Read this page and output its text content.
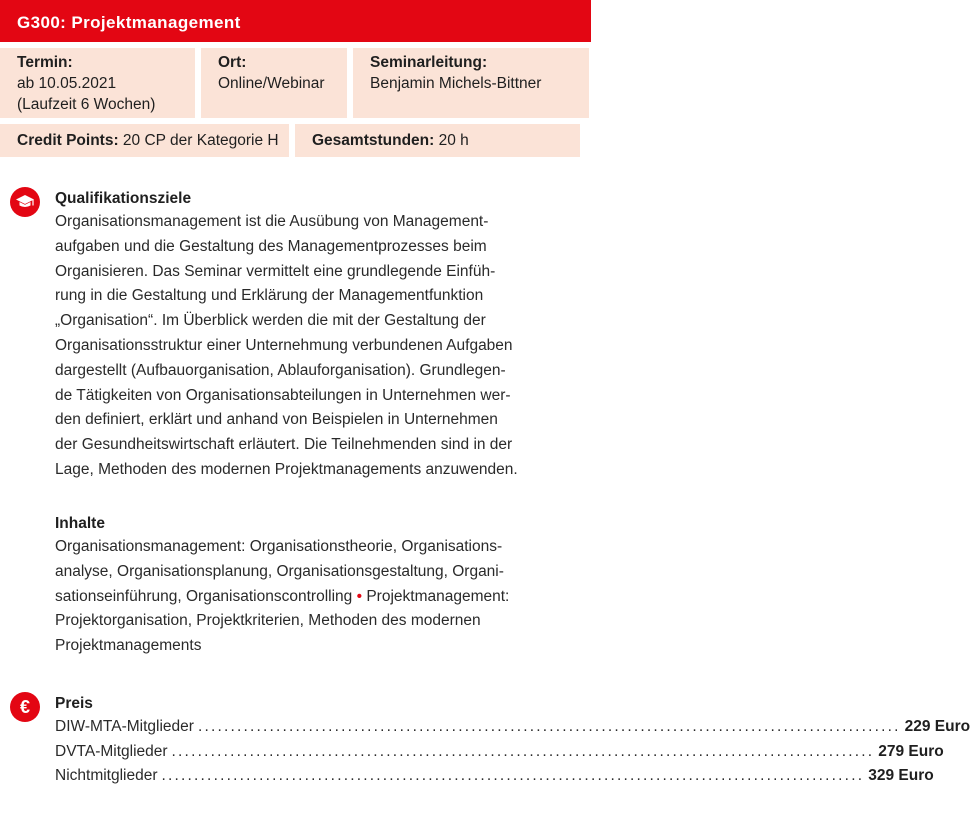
G300: Projektmanagement
Termin:
ab 10.05.2021
(Laufzeit 6 Wochen)
Ort:
Online/Webinar
Seminarleitung:
Benjamin Michels-Bittner
Credit Points: 20 CP der Kategorie H	Gesamtstunden: 20 h
Qualifikationsziele
Organisationsmanagement ist die Ausübung von Management-
aufgaben und die Gestaltung des Managementprozesses beim
Organisieren. Das Seminar vermittelt eine grundlegende Einfüh-
rung in die Gestaltung und Erklärung der Managementfunktion
„Organisation“. Im Überblick werden die mit der Gestaltung der
Organisationsstruktur einer Unternehmung verbundenen Aufgaben
dargestellt (Aufbauorganisation, Ablauforganisation). Grundlegen-
de Tätigkeiten von Organisationsabteilungen in Unternehmen wer-
den definiert, erklärt und anhand von Beispielen in Unternehmen
der Gesundheitswirtschaft erläutert. Die Teilnehmenden sind in der
Lage, Methoden des modernen Projektmanagements anzuwenden.
Inhalte
Organisationsmanagement: Organisationstheorie, Organisations-
analyse, Organisationsplanung, Organisationsgestaltung, Organi-
sationseinführung, Organisationscontrolling • Projektmanagement:
Projektorganisation, Projektkriterien, Methoden des modernen
Projektmanagements
€ Preis
DIW-MTA-Mitglieder ............................................................................................................ 229 Euro
DVTA-Mitglieder ............................................................................................................ 279 Euro
Nichtmitglieder ............................................................................................................ 329 Euro
